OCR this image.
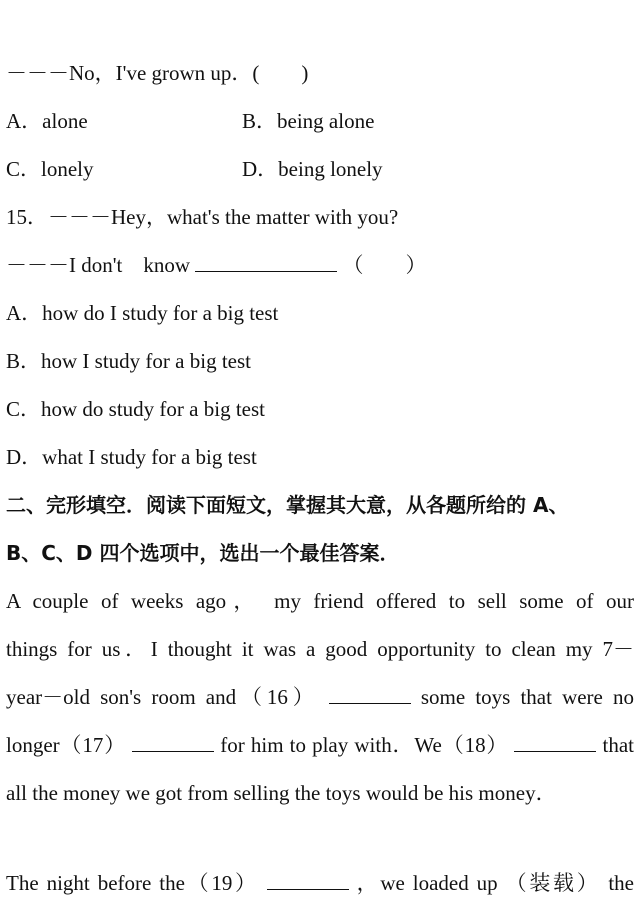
－－－No，I've grown up．(　　)
A．alone	B．being alone
C．lonely	D．being lonely
15．－－－Hey，what's the matter with you?
－－－I don't　know	（　　）
A．how do I study for a big test
B．how I study for a big test
C．how do study for a big test
D．what I study for a big test
二、完形填空．阅读下面短文，掌握其大意，从各题所给的 A、
B、C、D 四个选项中，选出一个最佳答案．
A couple of weeks ago， my friend offered to sell some of our
things for us．I thought it was a good opportunity to clean my 7－
year－old son's room and（16）	some toys that were no
longer（17）	for him to play with．We（18）	that
all the money we got from selling the toys would be his money．
The night before the（19）	，we loaded up （装载） the
